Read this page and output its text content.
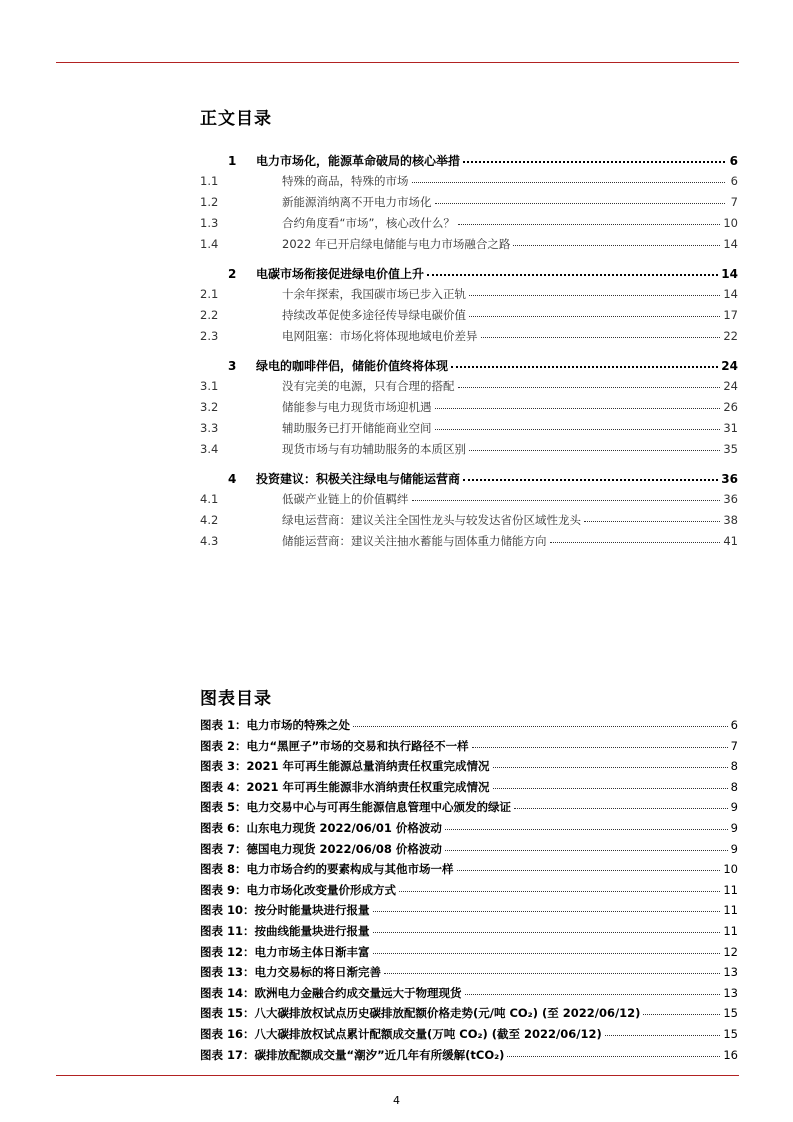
正文目录
1	电力市场化，能源革命破局的核心举措	6
1.1	特殊的商品，特殊的市场	6
1.2	新能源消纳离不开电力市场化	7
1.3	合约角度看“市场”，核心改什么？	10
1.4	2022 年已开启绿电储能与电力市场融合之路	14
2	电碳市场衔接促进绿电价值上升	14
2.1	十余年探索，我国碳市场已步入正轨	14
2.2	持续改革促使多途径传导绿电碳价值	17
2.3	电网阻塞：市场化将体现地域电价差异	22
3	绿电的咖啡伴侣，储能价值终将体现	24
3.1	没有完美的电源，只有合理的搭配	24
3.2	储能参与电力现货市场迎机遇	26
3.3	辅助服务已打开储能商业空间	31
3.4	现货市场与有功辅助服务的本质区别	35
4	投资建议：积极关注绿电与储能运营商	36
4.1	低碳产业链上的价值羁绊	36
4.2	绿电运营商：建议关注全国性龙头与较发达省份区域性龙头	38
4.3	储能运营商：建议关注抽水蓄能与固体重力储能方向	41
图表目录
图表 1：电力市场的特殊之处	6
图表 2：电力“黑匣子”市场的交易和执行路径不一样	7
图表 3：2021 年可再生能源总量消纳责任权重完成情况	8
图表 4：2021 年可再生能源非水消纳责任权重完成情况	8
图表 5：电力交易中心与可再生能源信息管理中心颁发的绿证	9
图表 6：山东电力现货 2022/06/01 价格波动	9
图表 7：德国电力现货 2022/06/08 价格波动	9
图表 8：电力市场合约的要素构成与其他市场一样	10
图表 9：电力市场化改变量价形成方式	11
图表 10：按分时能量块进行报量	11
图表 11：按曲线能量块进行报量	11
图表 12：电力市场主体日渐丰富	12
图表 13：电力交易标的将日渐完善	13
图表 14：欧洲电力金融合约成交量远大于物理现货	13
图表 15：八大碳排放权试点历史碳排放配额价格走势(元/吨 CO₂) (至 2022/06/12)	15
图表 16：八大碳排放权试点累计配额成交量(万吨 CO₂) (截至 2022/06/12)	15
图表 17：碳排放配额成交量“潮汐”近几年有所缓解(tCO₂)	16
4
